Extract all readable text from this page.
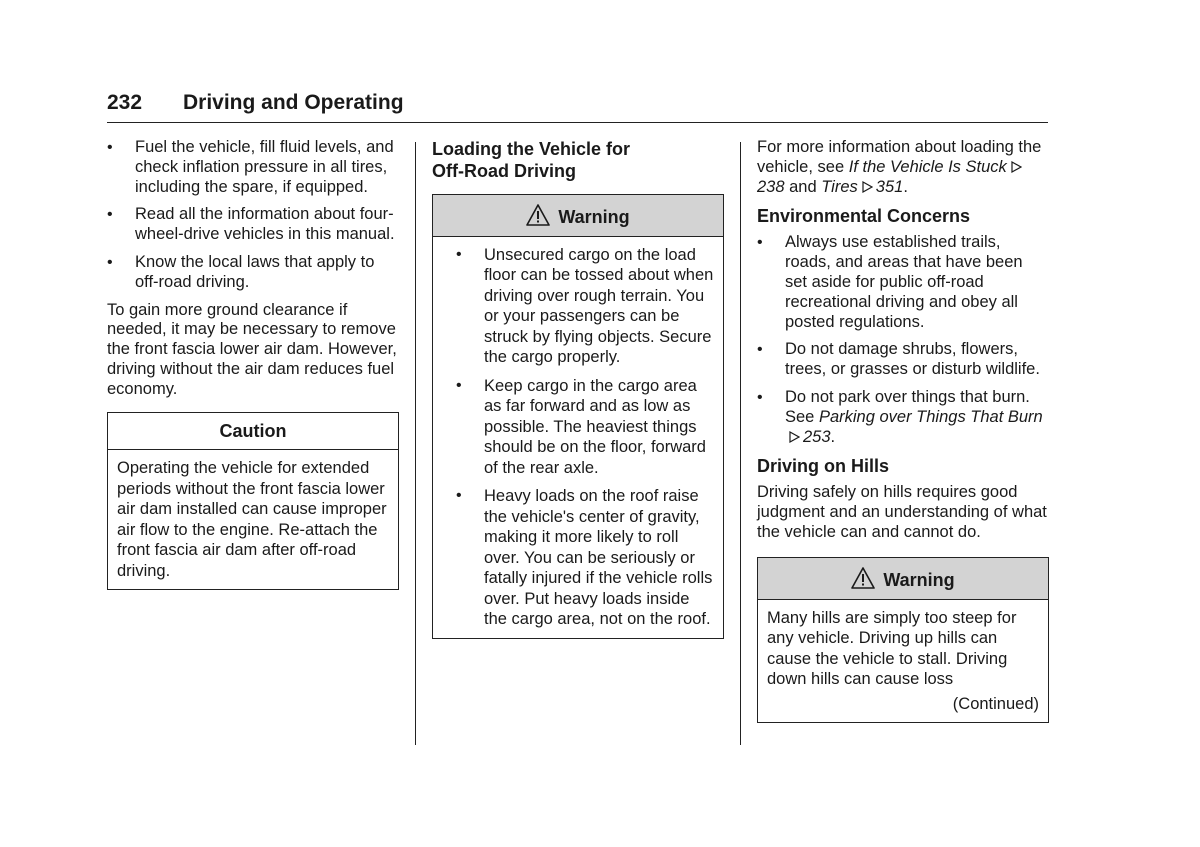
232 Driving and Operating
• Fuel the vehicle, fill fluid levels, and check inflation pressure in all tires, including the spare, if equipped.
• Read all the information about four-wheel-drive vehicles in this manual.
• Know the local laws that apply to off-road driving.

To gain more ground clearance if needed, it may be necessary to remove the front fascia lower air dam. However, driving without the air dam reduces fuel economy.

Caution
Operating the vehicle for extended periods without the front fascia lower air dam installed can cause improper air flow to the engine. Re-attach the front fascia air dam after off-road driving.
Loading the Vehicle for Off-Road Driving
Warning
• Unsecured cargo on the load floor can be tossed about when driving over rough terrain. You or your passengers can be struck by flying objects. Secure the cargo properly.
• Keep cargo in the cargo area as far forward and as low as possible. The heaviest things should be on the floor, forward of the rear axle.
• Heavy loads on the roof raise the vehicle's center of gravity, making it more likely to roll over. You can be seriously or fatally injured if the vehicle rolls over. Put heavy loads inside the cargo area, not on the roof.

For more information about loading the vehicle, see If the Vehicle Is Stuck238 and Tires 351.

Environmental Concerns
• Always use established trails, roads, and areas that have been set aside for public off-road recreational driving and obey all posted regulations.
• Do not damage shrubs, flowers, trees, or grasses or disturb wildlife.
• Do not park over things that burn. See Parking over Things That Burn253.
Driving on Hills

Driving safely on hills requires good judgment and an understanding of what the vehicle can and cannot do.

Warning
Many hills are simply too steep for any vehicle. Driving up hills can cause the vehicle to stall. Driving down hills can cause loss
(Continued)
